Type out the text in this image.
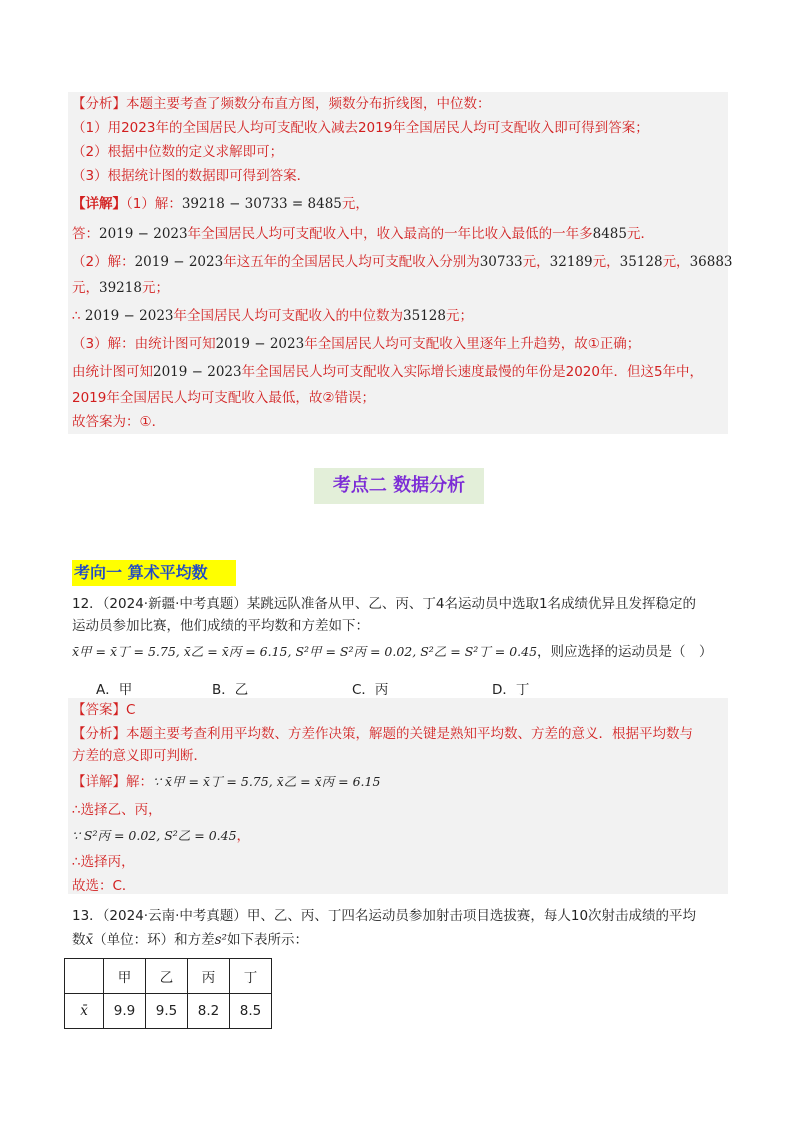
【分析】本题主要考查了频数分布直方图，频数分布折线图，中位数：
（1）用2023年的全国居民人均可支配收入减去2019年全国居民人均可支配收入即可得到答案；
（2）根据中位数的定义求解即可；
（3）根据统计图的数据即可得到答案．
【详解】（1）解：39218 − 30733 = 8485元，
答：2019 − 2023年全国居民人均可支配收入中，收入最高的一年比收入最低的一年多8485元．
（2）解：2019 − 2023年这五年的全国居民人均可支配收入分别为30733元，32189元，35128元，36883
元，39218元；
∴ 2019 − 2023年全国居民人均可支配收入的中位数为35128元；
（3）解：由统计图可知2019 − 2023年全国居民人均可支配收入里逐年上升趋势，故①正确；
由统计图可知2019 − 2023年全国居民人均可支配收入实际增长速度最慢的年份是2020年．但这5年中，
2019年全国居民人均可支配收入最低，故②错误；
故答案为：①．
考点二 数据分析
考向一 算术平均数
12．（2024·新疆·中考真题）某跳远队准备从甲、乙、丙、丁4名运动员中选取1名成绩优异且发挥稳定的
运动员参加比赛，他们成绩的平均数和方差如下：
x̄甲 = x̄丁 = 5.75, x̄乙 = x̄丙 = 6.15, S²甲 = S²丙 = 0.02, S²乙 = S²丁 = 0.45，则应选择的运动员是（　）
A．甲	B．乙	C．丙	D．丁
【答案】C
【分析】本题主要考查利用平均数、方差作决策，解题的关键是熟知平均数、方差的意义．根据平均数与
方差的意义即可判断．
【详解】解：∵ x̄甲 = x̄丁 = 5.75, x̄乙 = x̄丙 = 6.15
∴选择乙、丙，
∵ S²丙 = 0.02, S²乙 = 0.45，
∴选择丙，
故选：C．
13．（2024·云南·中考真题）甲、乙、丙、丁四名运动员参加射击项目选拔赛，每人10次射击成绩的平均
数x̄（单位：环）和方差s²如下表所示：
	甲	乙	丙	丁
x̄	9.9	9.5	8.2	8.5
